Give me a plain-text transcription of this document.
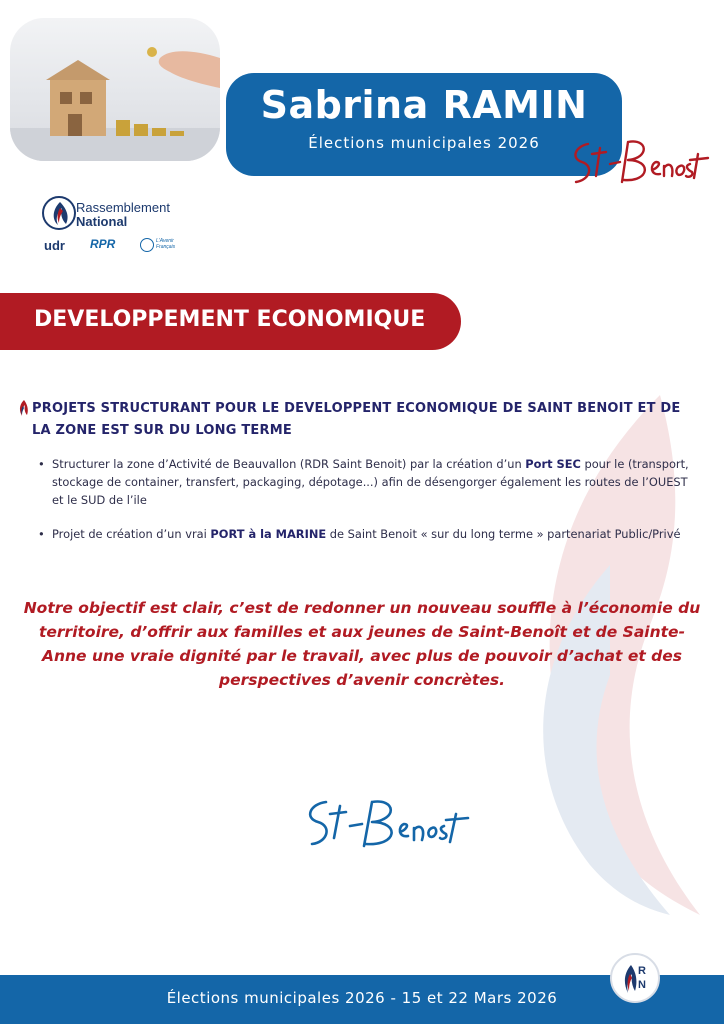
Sabrina RAMIN
Élections municipales 2026
Rassemblement
National
udr RPR	L'Avenir Français
DEVELOPPEMENT ECONOMIQUE
PROJETS STRUCTURANT POUR LE DEVELOPPENT ECONOMIQUE DE SAINT BENOIT ET DE LA ZONE EST SUR DU LONG TERME
• Structurer la zone d’Activité de Beauvallon (RDR Saint Benoit) par la création d’un Port SEC pour le (transport, stockage de container, transfert, packaging, dépotage...) afin de désengorger également les routes de l’OUEST et le SUD de l’ile
• Projet de création d’un vrai PORT à la MARINE de Saint Benoit « sur du long terme » partenariat Public/Privé
Notre objectif est clair, c’est de redonner un nouveau souffle à l’économie du territoire, d’offrir aux familles et aux jeunes de Saint-Benoît et de Sainte-Anne une vraie dignité par le travail, avec plus de pouvoir d’achat et des perspectives d’avenir concrètes.
Élections municipales 2026 - 15 et 22 Mars 2026
R
N
